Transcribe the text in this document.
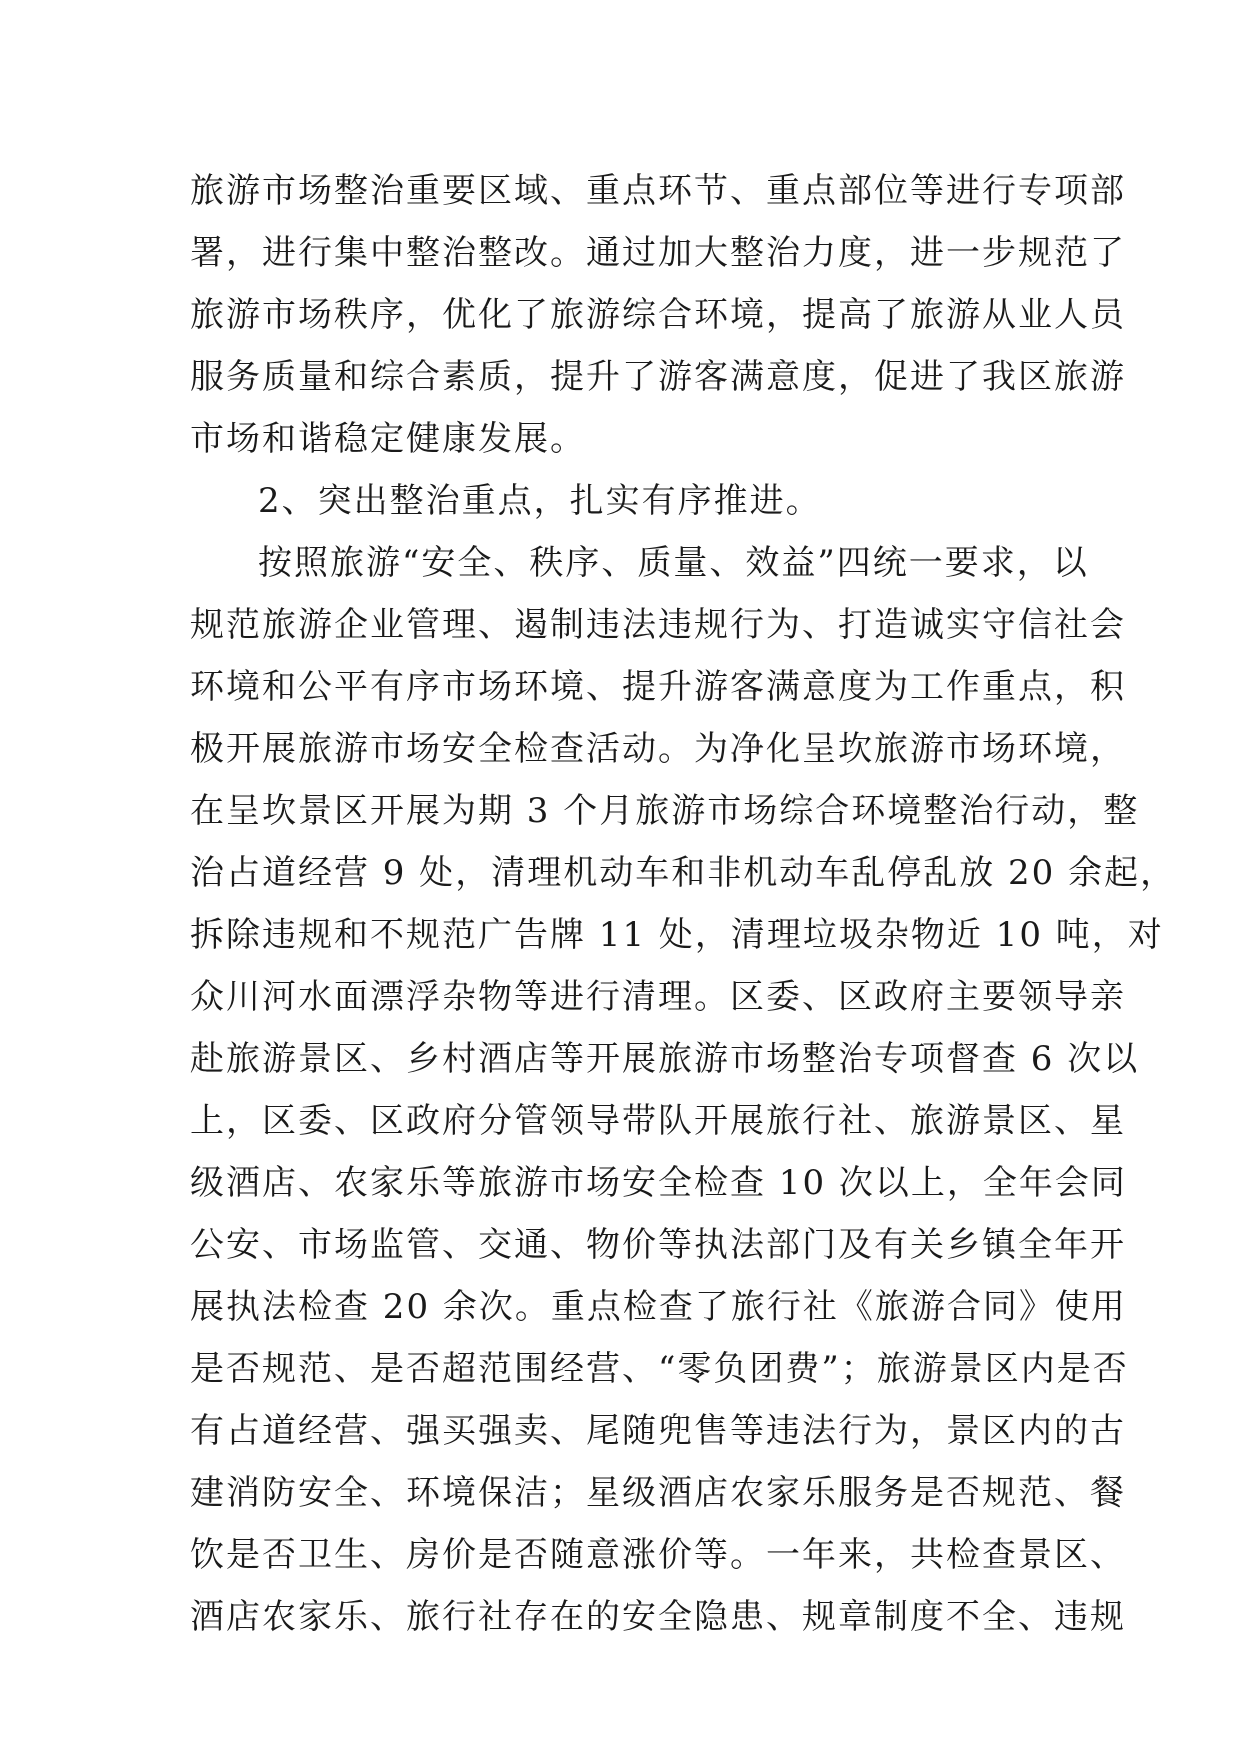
旅游市场整治重要区域、重点环节、重点部位等进行专项部
署，进行集中整治整改。通过加大整治力度，进一步规范了
旅游市场秩序，优化了旅游综合环境，提高了旅游从业人员
服务质量和综合素质，提升了游客满意度，促进了我区旅游
市场和谐稳定健康发展。
2、突出整治重点，扎实有序推进。
按照旅游“安全、秩序、质量、效益”四统一要求，以
规范旅游企业管理、遏制违法违规行为、打造诚实守信社会
环境和公平有序市场环境、提升游客满意度为工作重点，积
极开展旅游市场安全检查活动。为净化呈坎旅游市场环境，
在呈坎景区开展为期 3 个月旅游市场综合环境整治行动，整
治占道经营 9 处，清理机动车和非机动车乱停乱放 20 余起，
拆除违规和不规范广告牌 11 处，清理垃圾杂物近 10 吨，对
众川河水面漂浮杂物等进行清理。区委、区政府主要领导亲
赴旅游景区、乡村酒店等开展旅游市场整治专项督查 6 次以
上，区委、区政府分管领导带队开展旅行社、旅游景区、星
级酒店、农家乐等旅游市场安全检查 10 次以上，全年会同
公安、市场监管、交通、物价等执法部门及有关乡镇全年开
展执法检查 20 余次。重点检查了旅行社《旅游合同》使用
是否规范、是否超范围经营、“零负团费”；旅游景区内是否
有占道经营、强买强卖、尾随兜售等违法行为，景区内的古
建消防安全、环境保洁；星级酒店农家乐服务是否规范、餐
饮是否卫生、房价是否随意涨价等。一年来，共检查景区、
酒店农家乐、旅行社存在的安全隐患、规章制度不全、违规
